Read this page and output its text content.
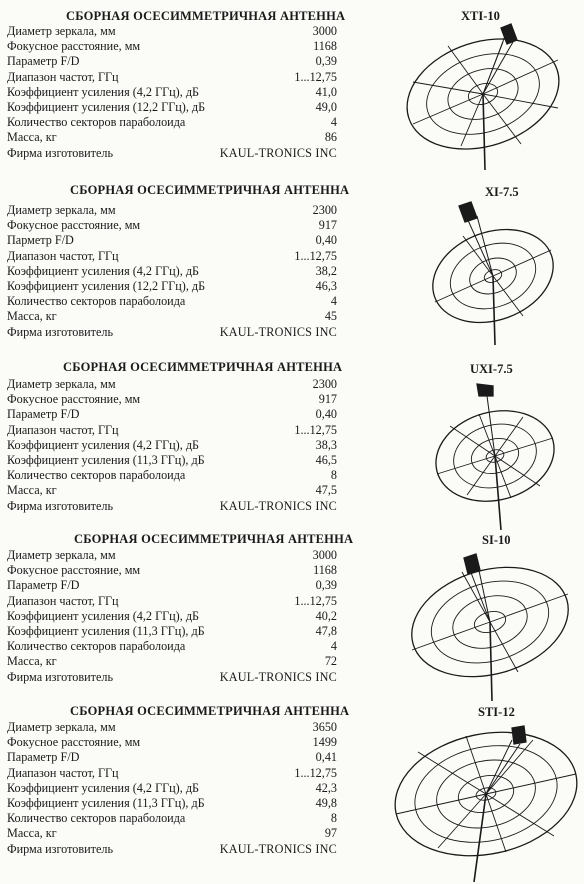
СБОРНАЯ ОСЕСИММЕТРИЧНАЯ АНТЕННА	XTI-10
Диаметр зеркала, мм	3000
Фокусное расстояние, мм	1168
Параметр F/D	0,39
Диапазон частот, ГГц	1...12,75
Коэффициент усиления (4,2 ГГц), дБ	41,0
Коэффициент усиления (12,2 ГГц), дБ	49,0
Количество секторов параболоида	4
Масса, кг	86
Фирма изготовитель	KAUL-TRONICS INC
СБОРНАЯ ОСЕСИММЕТРИЧНАЯ АНТЕННА	XI-7.5
Диаметр зеркала, мм	2300
Фокусное расстояние, мм	917
Парметр F/D	0,40
Диапазон частот, ГГц	1...12,75
Коэффициент усиления (4,2 ГГц), дБ	38,2
Коэффициент усиления (12,2 ГГц), дБ	46,3
Количество секторов параболоида	4
Масса, кг	45
Фирма изготовитель	KAUL-TRONICS INC
СБОРНАЯ ОСЕСИММЕТРИЧНАЯ АНТЕННА	UXI-7.5
Диаметр зеркала, мм	2300
Фокусное расстояние, мм	917
Параметр F/D	0,40
Диапазон частот, ГГц	1...12,75
Коэффициент усиления (4,2 ГГц), дБ	38,3
Коэффициент усиления (11,3 ГГц), дБ	46,5
Количество секторов параболоида	8
Масса, кг	47,5
Фирма изготовитель	KAUL-TRONICS INC
СБОРНАЯ ОСЕСИММЕТРИЧНАЯ АНТЕННА	SI-10
Диаметр зеркала, мм	3000
Фокусное расстояние, мм	1168
Параметр F/D	0,39
Диапазон частот, ГГц	1...12,75
Коэффициент усиления (4,2 ГГц), дБ	40,2
Коэффициент усиления (11,3 ГГц), дБ	47,8
Количество секторов параболоида	4
Масса, кг	72
Фирма изготовитель	KAUL-TRONICS INC
СБОРНАЯ ОСЕСИММЕТРИЧНАЯ АНТЕННА	STI-12
Диаметр зеркала, мм	3650
Фокусное расстояние, мм	1499
Параметр F/D	0,41
Диапазон частот, ГГц	1...12,75
Коэффициент усиления (4,2 ГГц), дБ	42,3
Коэффициент усиления (11,3 ГГц), дБ	49,8
Количество секторов параболоида	8
Масса, кг	97
Фирма изготовитель	KAUL-TRONICS INC
